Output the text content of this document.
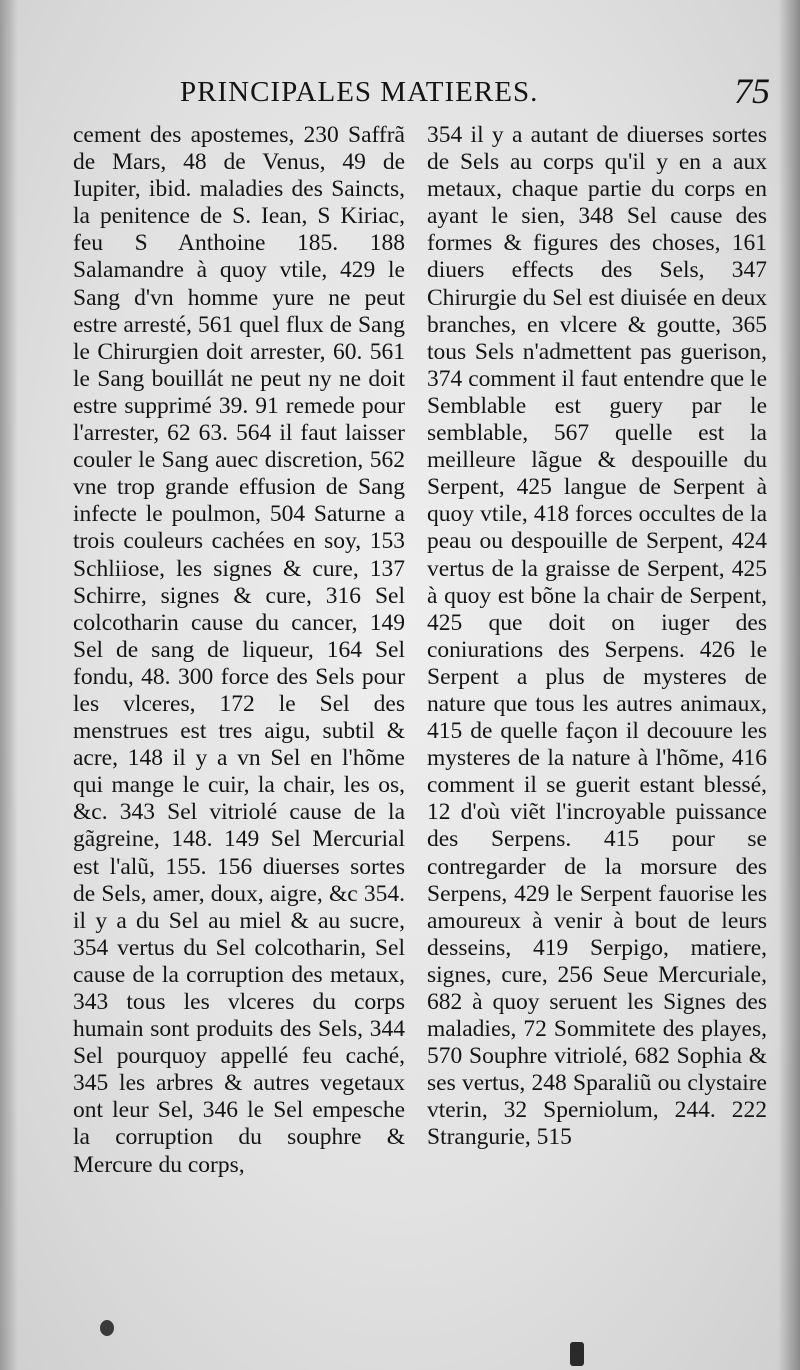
PRINCIPALES MATIERES.	75

cement des apostemes, 230 Saffrã de Mars, 48 de Venus, 49 de Iupiter, ibid. maladies des Saincts, la penitence de S. Iean, S Kiriac, feu S Anthoine 185. 188 Salamandre à quoy vtile, 429 le Sang d'vn homme yure ne peut estre arresté, 561 quel flux de Sang le Chirurgien doit arrester, 60. 561 le Sang bouillát ne peut ny ne doit estre supprimé 39. 91 remede pour l'arrester, 62 63. 564 il faut laisser couler le Sang auec discretion, 562 vne trop grande effusion de Sang infecte le poulmon, 504 Saturne a trois couleurs cachées en soy, 153 Schliiose, les signes & cure, 137 Schirre, signes & cure, 316 Sel colcotharin cause du cancer, 149 Sel de sang de liqueur, 164 Sel fondu, 48. 300 force des Sels pour les vlceres, 172 le Sel des menstrues est tres aigu, subtil & acre, 148 il y a vn Sel en l'hõme qui mange le cuir, la chair, les os, &c. 343 Sel vitriolé cause de la gãgreine, 148. 149 Sel Mercurial est l'alũ, 155. 156 diuerses sortes de Sels, amer, doux, aigre, &c 354. il y a du Sel au miel & au sucre, 354 vertus du Sel colcotharin, Sel cause de la corruption des metaux, 343 tous les vlceres du corps humain sont produits des Sels, 344 Sel pourquoy appellé feu caché, 345 les arbres & autres vegetaux ont leur Sel, 346 le Sel empesche la corruption du souphre & Mercure du corps,

354 il y a autant de diuerses sortes de Sels au corps qu'il y en a aux metaux, chaque partie du corps en ayant le sien, 348 Sel cause des formes & figures des choses, 161 diuers effects des Sels, 347 Chirurgie du Sel est diuisée en deux branches, en vlcere & goutte, 365 tous Sels n'admettent pas guerison, 374 comment il faut entendre que le Semblable est guery par le semblable, 567 quelle est la meilleure lãgue & despouille du Serpent, 425 langue de Serpent à quoy vtile, 418 forces occultes de la peau ou despouille de Serpent, 424 vertus de la graisse de Serpent, 425 à quoy est bõne la chair de Serpent, 425 que doit on iuger des coniurations des Serpens. 426 le Serpent a plus de mysteres de nature que tous les autres animaux, 415 de quelle façon il decouure les mysteres de la nature à l'hõme, 416 comment il se guerit estant blessé, 12 d'où viẽt l'incroyable puissance des Serpens. 415 pour se contregarder de la morsure des Serpens, 429 le Serpent fauorise les amoureux à venir à bout de leurs desseins, 419 Serpigo, matiere, signes, cure, 256 Seue Mercuriale, 682 à quoy seruent les Signes des maladies, 72 Sommitete des playes, 570 Souphre vitriolé, 682 Sophia & ses vertus, 248 Sparaliũ ou clystaire vterin, 32 Sperniolum, 244. 222 Strangurie, 515
